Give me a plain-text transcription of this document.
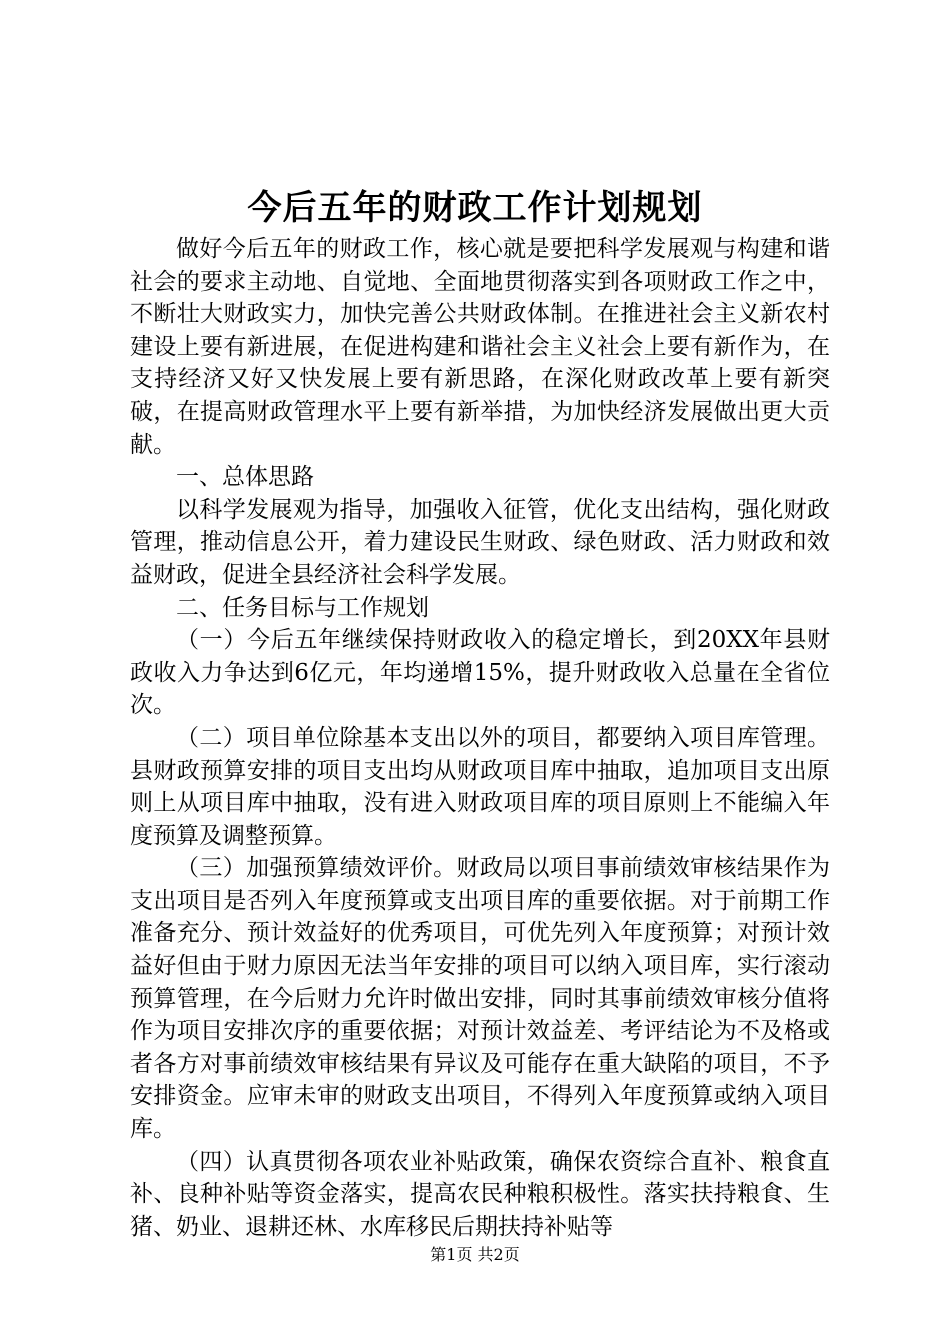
今后五年的财政工作计划规划

做好今后五年的财政工作，核心就是要把科学发展观与构建和谐社会的要求主动地、自觉地、全面地贯彻落实到各项财政工作之中，不断壮大财政实力，加快完善公共财政体制。在推进社会主义新农村建设上要有新进展，在促进构建和谐社会主义社会上要有新作为，在支持经济又好又快发展上要有新思路，在深化财政改革上要有新突破，在提高财政管理水平上要有新举措，为加快经济发展做出更大贡献。

一、总体思路

以科学发展观为指导，加强收入征管，优化支出结构，强化财政管理，推动信息公开，着力建设民生财政、绿色财政、活力财政和效益财政，促进全县经济社会科学发展。

二、任务目标与工作规划

（一）今后五年继续保持财政收入的稳定增长，到20XX年县财政收入力争达到6亿元，年均递增15%，提升财政收入总量在全省位次。

（二）项目单位除基本支出以外的项目，都要纳入项目库管理。县财政预算安排的项目支出均从财政项目库中抽取，追加项目支出原则上从项目库中抽取，没有进入财政项目库的项目原则上不能编入年度预算及调整预算。

（三）加强预算绩效评价。财政局以项目事前绩效审核结果作为支出项目是否列入年度预算或支出项目库的重要依据。对于前期工作准备充分、预计效益好的优秀项目，可优先列入年度预算；对预计效益好但由于财力原因无法当年安排的项目可以纳入项目库，实行滚动预算管理，在今后财力允许时做出安排，同时其事前绩效审核分值将作为项目安排次序的重要依据；对预计效益差、考评结论为不及格或者各方对事前绩效审核结果有异议及可能存在重大缺陷的项目，不予安排资金。应审未审的财政支出项目，不得列入年度预算或纳入项目库。

（四）认真贯彻各项农业补贴政策，确保农资综合直补、粮食直补、良种补贴等资金落实，提高农民种粮积极性。落实扶持粮食、生猪、奶业、退耕还林、水库移民后期扶持补贴等

第1页 共2页
